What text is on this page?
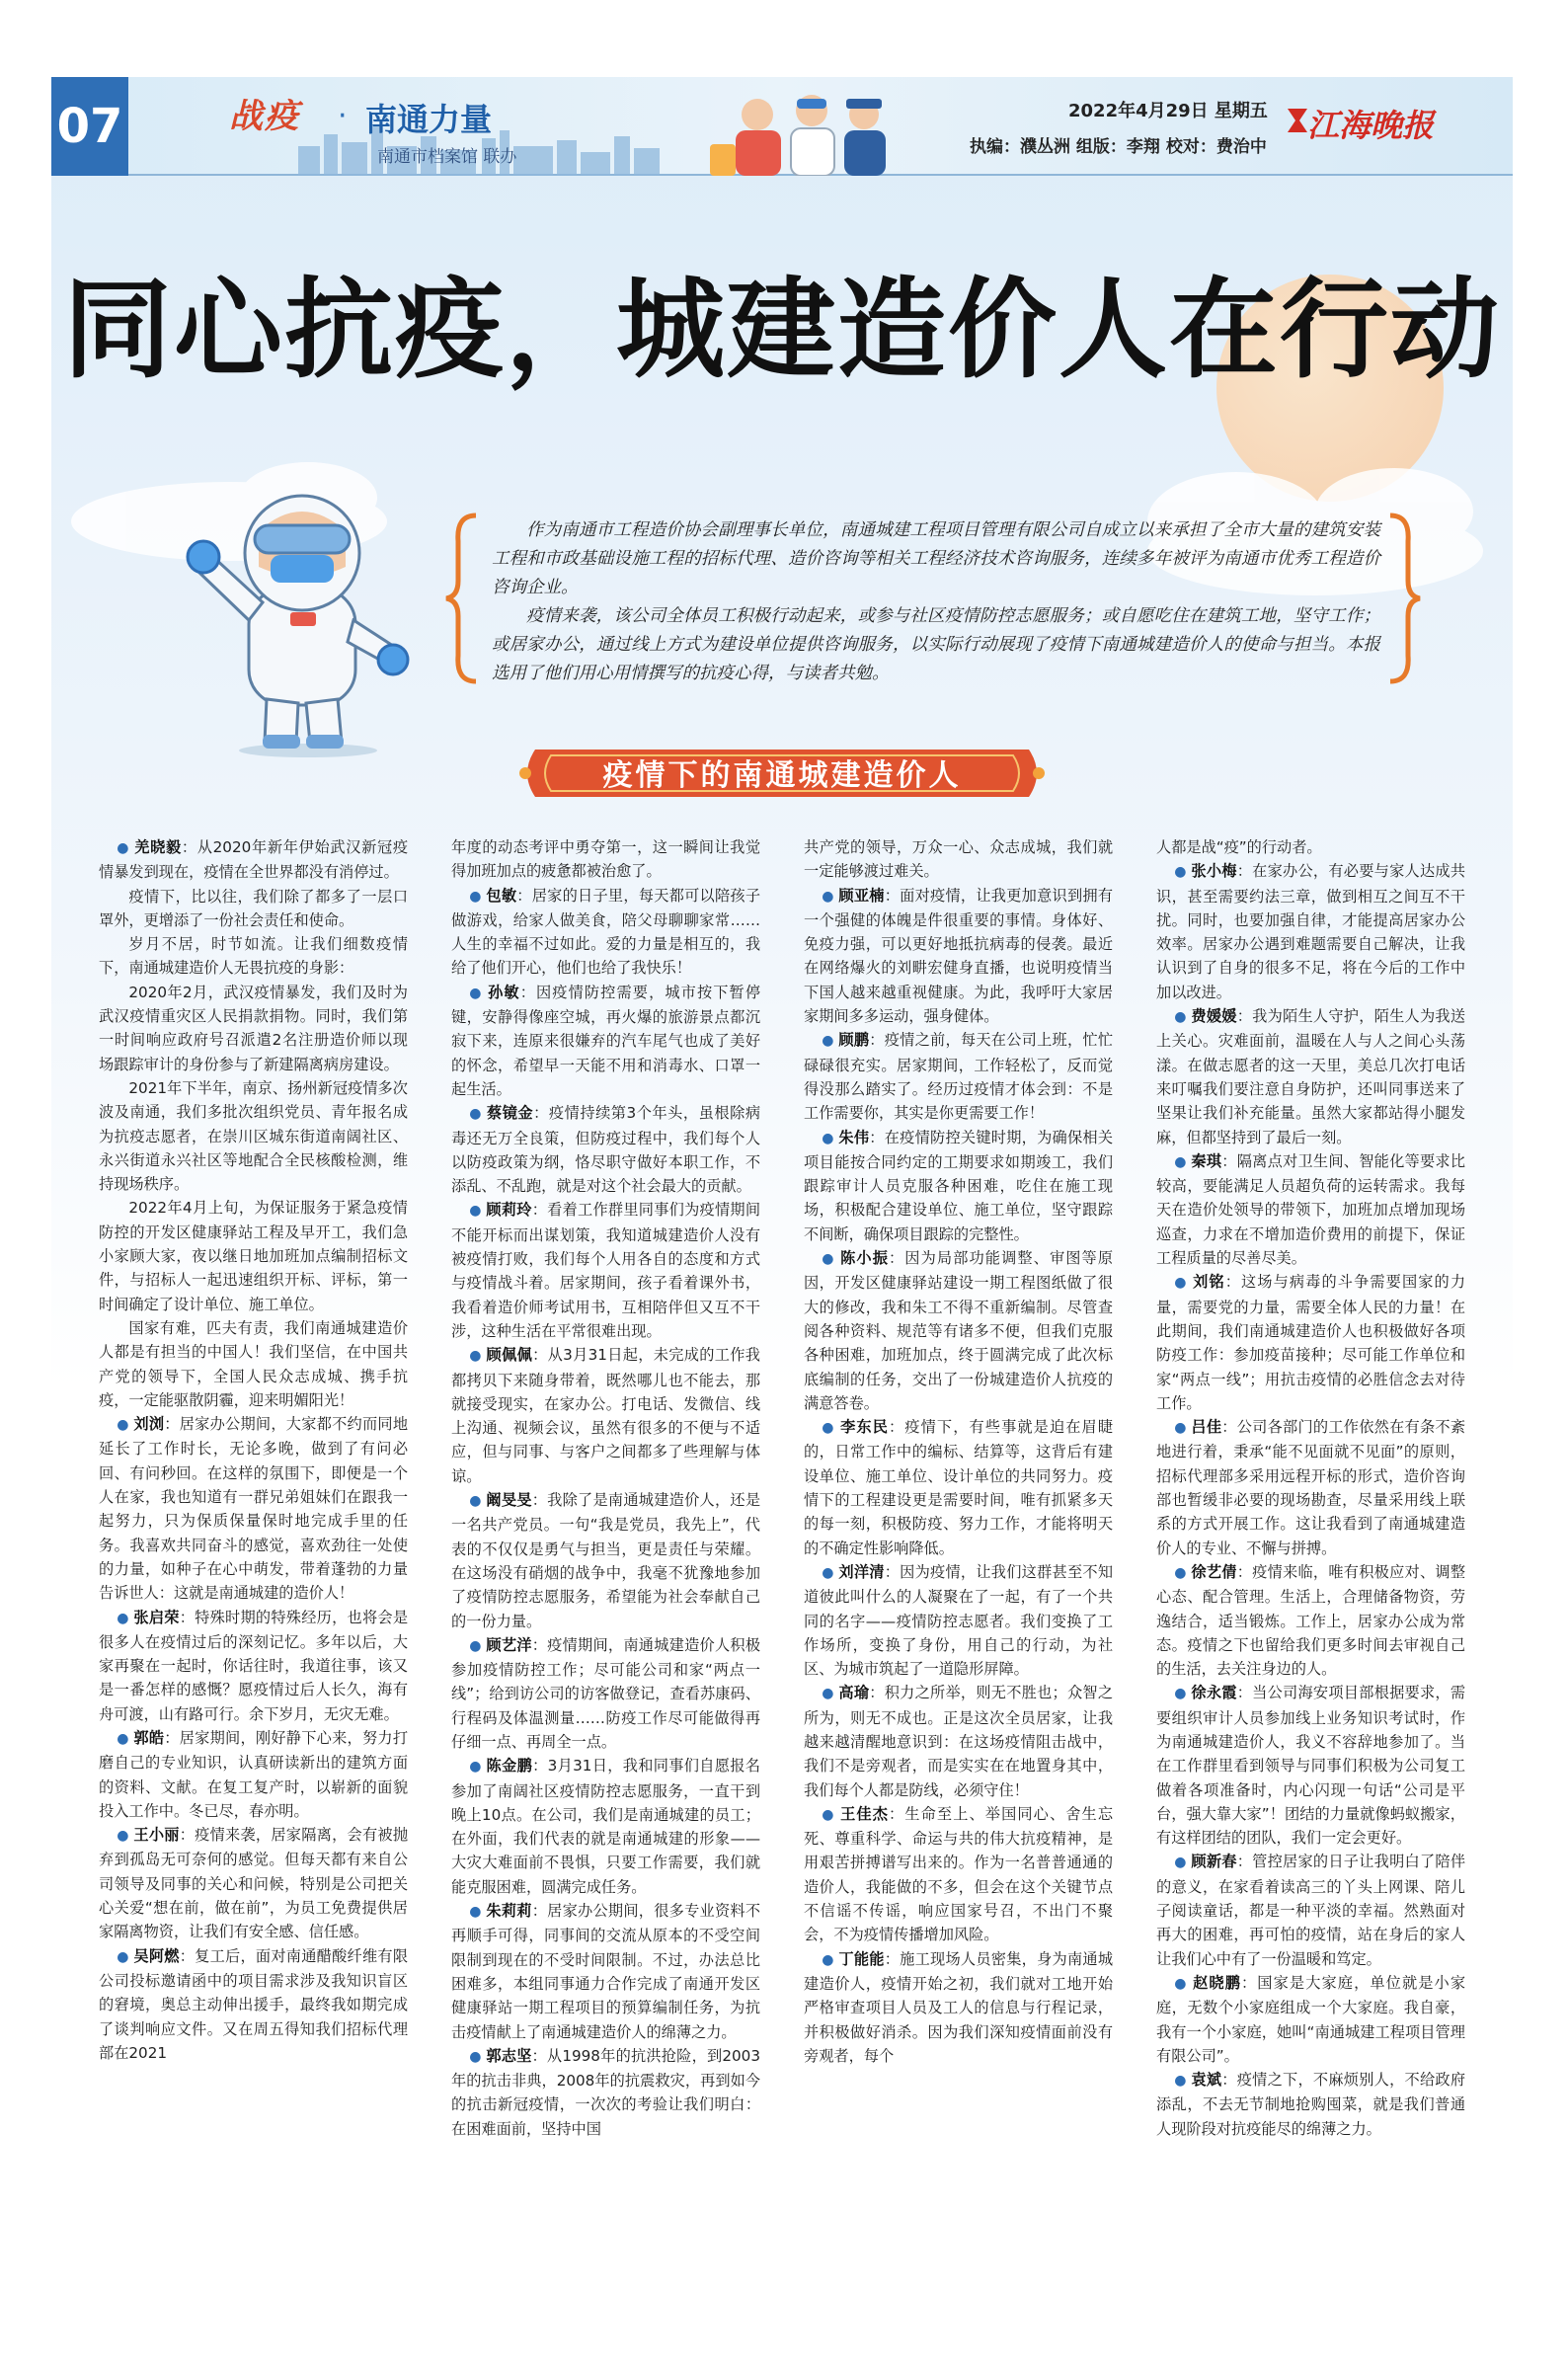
07	战疫	· 南通力量
南通市档案馆 联办
2022年4月29日 星期五
执编：濮丛洲 组版：李翔 校对：费治中
江海晚报
同心抗疫，城建造价人在行动

作为南通市工程造价协会副理事长单位，南通城建工程项目管理有限公司自成立以来承担了全市大量的建筑安装工程和市政基础设施工程的招标代理、造价咨询等相关工程经济技术咨询服务，连续多年被评为南通市优秀工程造价咨询企业。

疫情来袭，该公司全体员工积极行动起来，或参与社区疫情防控志愿服务；或自愿吃住在建筑工地，坚守工作；或居家办公，通过线上方式为建设单位提供咨询服务，以实际行动展现了疫情下南通城建造价人的使命与担当。本报选用了他们用心用情撰写的抗疫心得，与读者共勉。

疫情下的南通城建造价人

● 羌晓毅：从2020年新年伊始武汉新冠疫情暴发到现在，疫情在全世界都没有消停过。

疫情下，比以往，我们除了都多了一层口罩外，更增添了一份社会责任和使命。

岁月不居，时节如流。让我们细数疫情下，南通城建造价人无畏抗疫的身影：

2020年2月，武汉疫情暴发，我们及时为武汉疫情重灾区人民捐款捐物。同时，我们第一时间响应政府号召派遣2名注册造价师以现场跟踪审计的身份参与了新建隔离病房建设。

2021年下半年，南京、扬州新冠疫情多次波及南通，我们多批次组织党员、青年报名成为抗疫志愿者，在崇川区城东街道南阔社区、永兴街道永兴社区等地配合全民核酸检测，维持现场秩序。

2022年4月上旬，为保证服务于紧急疫情防控的开发区健康驿站工程及早开工，我们急小家顾大家，夜以继日地加班加点编制招标文件，与招标人一起迅速组织开标、评标，第一时间确定了设计单位、施工单位。

国家有难，匹夫有责，我们南通城建造价人都是有担当的中国人！我们坚信，在中国共产党的领导下，全国人民众志成城、携手抗疫，一定能驱散阴霾，迎来明媚阳光！

● 刘浏：居家办公期间，大家都不约而同地延长了工作时长，无论多晚，做到了有问必回、有问秒回。在这样的氛围下，即便是一个人在家，我也知道有一群兄弟姐妹们在跟我一起努力，只为保质保量保时地完成手里的任务。我喜欢共同奋斗的感觉，喜欢劲往一处使的力量，如种子在心中萌发，带着蓬勃的力量告诉世人：这就是南通城建的造价人！

● 张启荣：特殊时期的特殊经历，也将会是很多人在疫情过后的深刻记忆。多年以后，大家再聚在一起时，你话往时，我道往事，该又是一番怎样的感慨？愿疫情过后人长久，海有舟可渡，山有路可行。余下岁月，无灾无难。

● 郭皓：居家期间，刚好静下心来，努力打磨自己的专业知识，认真研读新出的建筑方面的资料、文献。在复工复产时，以崭新的面貌投入工作中。冬已尽，春亦明。

● 王小丽：疫情来袭，居家隔离，会有被抛弃到孤岛无可奈何的感觉。但每天都有来自公司领导及同事的关心和问候，特别是公司把关心关爱“想在前，做在前”，为员工免费提供居家隔离物资，让我们有安全感、信任感。

● 吴阿燃：复工后，面对南通醋酸纤维有限公司投标邀请函中的项目需求涉及我知识盲区的窘境，奥总主动伸出援手，最终我如期完成了谈判响应文件。又在周五得知我们招标代理部在2021

年度的动态考评中勇夺第一，这一瞬间让我觉得加班加点的疲惫都被治愈了。

● 包敏：居家的日子里，每天都可以陪孩子做游戏，给家人做美食，陪父母聊聊家常……人生的幸福不过如此。爱的力量是相互的，我给了他们开心，他们也给了我快乐！

● 孙敏：因疫情防控需要，城市按下暂停键，安静得像座空城，再火爆的旅游景点都沉寂下来，连原来很嫌弃的汽车尾气也成了美好的怀念，希望早一天能不用和消毒水、口罩一起生活。

● 蔡镜金：疫情持续第3个年头，虽根除病毒还无万全良策，但防疫过程中，我们每个人以防疫政策为纲，恪尽职守做好本职工作，不添乱、不乱跑，就是对这个社会最大的贡献。

● 顾莉玲：看着工作群里同事们为疫情期间不能开标而出谋划策，我知道城建造价人没有被疫情打败，我们每个人用各自的态度和方式与疫情战斗着。居家期间，孩子看着课外书，我看着造价师考试用书，互相陪伴但又互不干涉，这种生活在平常很难出现。

● 顾佩佩：从3月31日起，未完成的工作我都拷贝下来随身带着，既然哪儿也不能去，那就接受现实，在家办公。打电话、发微信、线上沟通、视频会议，虽然有很多的不便与不适应，但与同事、与客户之间都多了些理解与体谅。

● 阚旻旻：我除了是南通城建造价人，还是一名共产党员。一句“我是党员，我先上”，代表的不仅仅是勇气与担当，更是责任与荣耀。在这场没有硝烟的战争中，我毫不犹豫地参加了疫情防控志愿服务，希望能为社会奉献自己的一份力量。

● 顾艺洋：疫情期间，南通城建造价人积极参加疫情防控工作；尽可能公司和家“两点一线”；给到访公司的访客做登记，查看苏康码、行程码及体温测量……防疫工作尽可能做得再仔细一点、再周全一点。

● 陈金鹏：3月31日，我和同事们自愿报名参加了南阔社区疫情防控志愿服务，一直干到晚上10点。在公司，我们是南通城建的员工；在外面，我们代表的就是南通城建的形象——大灾大难面前不畏惧，只要工作需要，我们就能克服困难，圆满完成任务。

● 朱莉莉：居家办公期间，很多专业资料不再顺手可得，同事间的交流从原本的不受空间限制到现在的不受时间限制。不过，办法总比困难多，本组同事通力合作完成了南通开发区健康驿站一期工程项目的预算编制任务，为抗击疫情献上了南通城建造价人的绵薄之力。

● 郭志坚：从1998年的抗洪抢险，到2003年的抗击非典，2008年的抗震救灾，再到如今的抗击新冠疫情，一次次的考验让我们明白：在困难面前，坚持中国

共产党的领导，万众一心、众志成城，我们就一定能够渡过难关。

● 顾亚楠：面对疫情，让我更加意识到拥有一个强健的体魄是件很重要的事情。身体好、免疫力强，可以更好地抵抗病毒的侵袭。最近在网络爆火的刘畊宏健身直播，也说明疫情当下国人越来越重视健康。为此，我呼吁大家居家期间多多运动，强身健体。

● 顾鹏：疫情之前，每天在公司上班，忙忙碌碌很充实。居家期间，工作轻松了，反而觉得没那么踏实了。经历过疫情才体会到：不是工作需要你，其实是你更需要工作！

● 朱伟：在疫情防控关键时期，为确保相关项目能按合同约定的工期要求如期竣工，我们跟踪审计人员克服各种困难，吃住在施工现场，积极配合建设单位、施工单位，坚守跟踪不间断，确保项目跟踪的完整性。

● 陈小振：因为局部功能调整、审图等原因，开发区健康驿站建设一期工程图纸做了很大的修改，我和朱工不得不重新编制。尽管查阅各种资料、规范等有诸多不便，但我们克服各种困难，加班加点，终于圆满完成了此次标底编制的任务，交出了一份城建造价人抗疫的满意答卷。

● 李东民：疫情下，有些事就是迫在眉睫的，日常工作中的编标、结算等，这背后有建设单位、施工单位、设计单位的共同努力。疫情下的工程建设更是需要时间，唯有抓紧多天的每一刻，积极防疫、努力工作，才能将明天的不确定性影响降低。

● 刘洋清：因为疫情，让我们这群甚至不知道彼此叫什么的人凝聚在了一起，有了一个共同的名字——疫情防控志愿者。我们变换了工作场所，变换了身份，用自己的行动，为社区、为城市筑起了一道隐形屏障。

● 高瑜：积力之所举，则无不胜也；众智之所为，则无不成也。正是这次全员居家，让我越来越清醒地意识到：在这场疫情阻击战中，我们不是旁观者，而是实实在在地置身其中，我们每个人都是防线，必须守住！

● 王佳杰：生命至上、举国同心、舍生忘死、尊重科学、命运与共的伟大抗疫精神，是用艰苦拼搏谱写出来的。作为一名普普通通的造价人，我能做的不多，但会在这个关键节点不信谣不传谣，响应国家号召，不出门不聚会，不为疫情传播增加风险。

● 丁能能：施工现场人员密集，身为南通城建造价人，疫情开始之初，我们就对工地开始严格审查项目人员及工人的信息与行程记录，并积极做好消杀。因为我们深知疫情面前没有旁观者，每个

人都是战“疫”的行动者。

● 张小梅：在家办公，有必要与家人达成共识，甚至需要约法三章，做到相互之间互不干扰。同时，也要加强自律，才能提高居家办公效率。居家办公遇到难题需要自己解决，让我认识到了自身的很多不足，将在今后的工作中加以改进。

● 费媛媛：我为陌生人守护，陌生人为我送上关心。灾难面前，温暖在人与人之间心头荡漾。在做志愿者的这一天里，美总几次打电话来叮嘱我们要注意自身防护，还叫同事送来了坚果让我们补充能量。虽然大家都站得小腿发麻，但都坚持到了最后一刻。

● 秦琪：隔离点对卫生间、智能化等要求比较高，要能满足人员超负荷的运转需求。我每天在造价处领导的带领下，加班加点增加现场巡查，力求在不增加造价费用的前提下，保证工程质量的尽善尽美。

● 刘铭：这场与病毒的斗争需要国家的力量，需要党的力量，需要全体人民的力量！在此期间，我们南通城建造价人也积极做好各项防疫工作：参加疫苗接种；尽可能工作单位和家“两点一线”；用抗击疫情的必胜信念去对待工作。

● 吕佳：公司各部门的工作依然在有条不紊地进行着，秉承“能不见面就不见面”的原则，招标代理部多采用远程开标的形式，造价咨询部也暂缓非必要的现场勘查，尽量采用线上联系的方式开展工作。这让我看到了南通城建造价人的专业、不懈与拼搏。

● 徐艺倩：疫情来临，唯有积极应对、调整心态、配合管理。生活上，合理储备物资，劳逸结合，适当锻炼。工作上，居家办公成为常态。疫情之下也留给我们更多时间去审视自己的生活，去关注身边的人。

● 徐永霞：当公司海安项目部根据要求，需要组织审计人员参加线上业务知识考试时，作为南通城建造价人，我义不容辞地参加了。当在工作群里看到领导与同事们积极为公司复工做着各项准备时，内心闪现一句话“公司是平台，强大靠大家”！团结的力量就像蚂蚁搬家，有这样团结的团队，我们一定会更好。

● 顾新春：管控居家的日子让我明白了陪伴的意义，在家看着读高三的丫头上网课、陪儿子阅读童话，都是一种平淡的幸福。然熟面对再大的困难，再可怕的疫情，站在身后的家人让我们心中有了一份温暖和笃定。

● 赵晓鹏：国家是大家庭，单位就是小家庭，无数个小家庭组成一个大家庭。我自豪，我有一个小家庭，她叫“南通城建工程项目管理有限公司”。

● 袁斌：疫情之下，不麻烦别人，不给政府添乱，不去无节制地抢购囤菜，就是我们普通人现阶段对抗疫能尽的绵薄之力。
